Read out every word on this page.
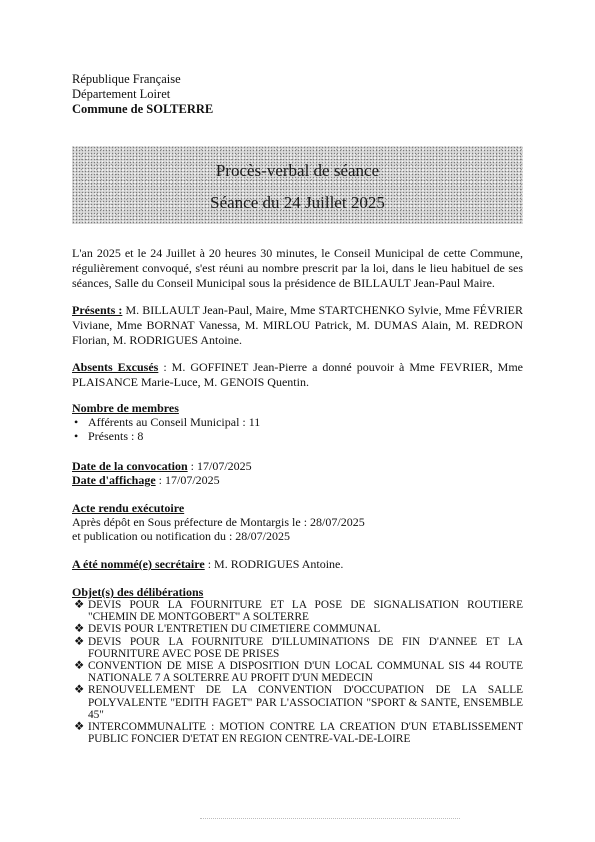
République Française
Département Loiret
Commune de SOLTERRE
Procès-verbal de séance
Séance du 24 Juillet 2025
L'an 2025 et le 24 Juillet à 20 heures 30 minutes, le Conseil Municipal de cette Commune, régulièrement convoqué, s'est réuni au nombre prescrit par la loi, dans le lieu habituel de ses séances, Salle du Conseil Municipal sous la présidence de BILLAULT Jean-Paul Maire.
Présents : M. BILLAULT Jean-Paul, Maire, Mme STARTCHENKO Sylvie, Mme FÉVRIER Viviane, Mme BORNAT Vanessa, M. MIRLOU Patrick, M. DUMAS Alain, M. REDRON Florian, M. RODRIGUES Antoine.
Absents Excusés : M. GOFFINET Jean-Pierre a donné pouvoir à Mme FEVRIER, Mme PLAISANCE Marie-Luce, M. GENOIS Quentin.
Nombre de membres
• Afférents au Conseil Municipal : 11
• Présents : 8
Date de la convocation : 17/07/2025
Date d'affichage : 17/07/2025
Acte rendu exécutoire
Après dépôt en Sous préfecture de Montargis le : 28/07/2025
et publication ou notification du : 28/07/2025
A été nommé(e) secrétaire : M. RODRIGUES Antoine.
Objet(s) des délibérations
❖ DEVIS POUR LA FOURNITURE ET LA POSE DE SIGNALISATION ROUTIERE "CHEMIN DE MONTGOBERT" A SOLTERRE
❖ DEVIS POUR L'ENTRETIEN DU CIMETIERE COMMUNAL
❖ DEVIS POUR LA FOURNITURE D'ILLUMINATIONS DE FIN D'ANNEE ET LA FOURNITURE AVEC POSE DE PRISES
❖ CONVENTION DE MISE A DISPOSITION D'UN LOCAL COMMUNAL SIS 44 ROUTE NATIONALE 7 A SOLTERRE AU PROFIT D'UN MEDECIN
❖ RENOUVELLEMENT DE LA CONVENTION D'OCCUPATION DE LA SALLE POLYVALENTE "EDITH FAGET" PAR L'ASSOCIATION "SPORT & SANTE, ENSEMBLE 45"
❖ INTERCOMMUNALITE : MOTION CONTRE LA CREATION D'UN ETABLISSEMENT PUBLIC FONCIER D'ETAT EN REGION CENTRE-VAL-DE-LOIRE
